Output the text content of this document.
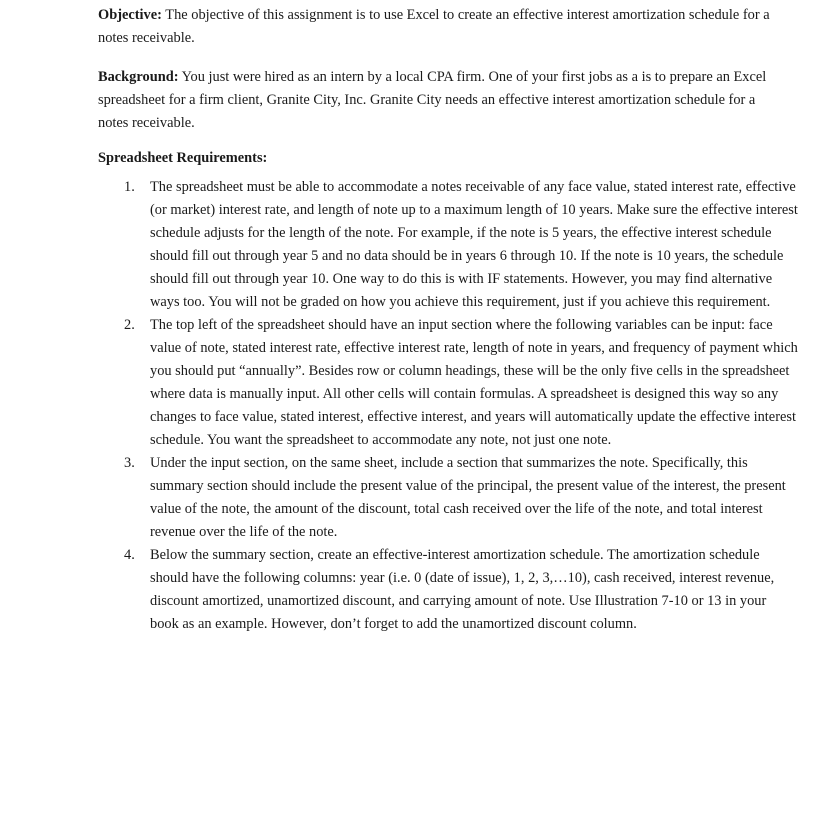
Objective: The objective of this assignment is to use Excel to create an effective interest amortization schedule for a notes receivable.

Background: You just were hired as an intern by a local CPA firm. One of your first jobs as a is to prepare an Excel spreadsheet for a firm client, Granite City, Inc. Granite City needs an effective interest amortization schedule for a notes receivable.

Spreadsheet Requirements:

1. The spreadsheet must be able to accommodate a notes receivable of any face value, stated interest rate, effective (or market) interest rate, and length of note up to a maximum length of 10 years. Make sure the effective interest schedule adjusts for the length of the note. For example, if the note is 5 years, the effective interest schedule should fill out through year 5 and no data should be in years 6 through 10. If the note is 10 years, the schedule should fill out through year 10. One way to do this is with IF statements. However, you may find alternative ways too. You will not be graded on how you achieve this requirement, just if you achieve this requirement.
2. The top left of the spreadsheet should have an input section where the following variables can be input: face value of note, stated interest rate, effective interest rate, length of note in years, and frequency of payment which you should put “annually”. Besides row or column headings, these will be the only five cells in the spreadsheet where data is manually input. All other cells will contain formulas. A spreadsheet is designed this way so any changes to face value, stated interest, effective interest, and years will automatically update the effective interest schedule. You want the spreadsheet to accommodate any note, not just one note.
3. Under the input section, on the same sheet, include a section that summarizes the note. Specifically, this summary section should include the present value of the principal, the present value of the interest, the present value of the note, the amount of the discount, total cash received over the life of the note, and total interest revenue over the life of the note.
4. Below the summary section, create an effective-interest amortization schedule. The amortization schedule should have the following columns: year (i.e. 0 (date of issue), 1, 2, 3,…10), cash received, interest revenue, discount amortized, unamortized discount, and carrying amount of note. Use Illustration 7-10 or 13 in your book as an example. However, don’t forget to add the unamortized discount column.
